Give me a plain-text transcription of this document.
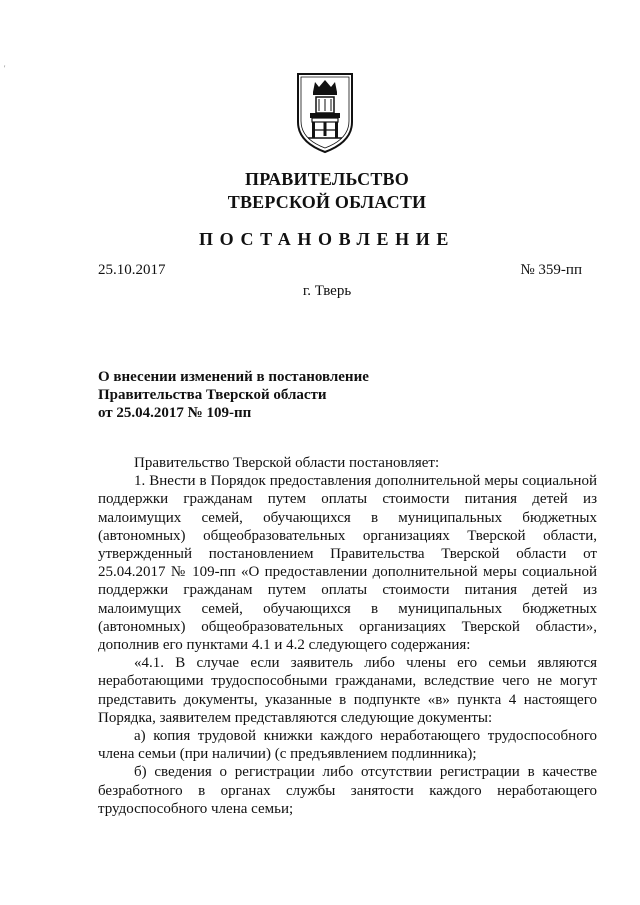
'
ПРАВИТЕЛЬСТВО
ТВЕРСКОЙ ОБЛАСТИ
ПОСТАНОВЛЕНИЕ
25.10.2017	№ 359-пп
г. Тверь
О внесении изменений в постановление
Правительства Тверской области
от 25.04.2017 № 109-пп

Правительство Тверской области постановляет:

1. Внести в Порядок предоставления дополнительной меры социальной поддержки гражданам путем оплаты стоимости питания детей из малоимущих семей, обучающихся в муниципальных бюджетных (автономных) общеобразовательных организациях Тверской области, утвержденный постановлением Правительства Тверской области от 25.04.2017 № 109-пп «О предоставлении дополнительной меры социальной поддержки гражданам путем оплаты стоимости питания детей из малоимущих семей, обучающихся в муниципальных бюджетных (автономных) общеобразовательных организациях Тверской области», дополнив его пунктами 4.1 и 4.2 следующего содержания:

«4.1. В случае если заявитель либо члены его семьи являются неработающими трудоспособными гражданами, вследствие чего не могут представить документы, указанные в подпункте «в» пункта 4 настоящего Порядка, заявителем представляются следующие документы:

а) копия трудовой книжки каждого неработающего трудоспособного члена семьи (при наличии) (с предъявлением подлинника);

б) сведения о регистрации либо отсутствии регистрации в качестве безработного в органах службы занятости каждого неработающего трудоспособного члена семьи;
